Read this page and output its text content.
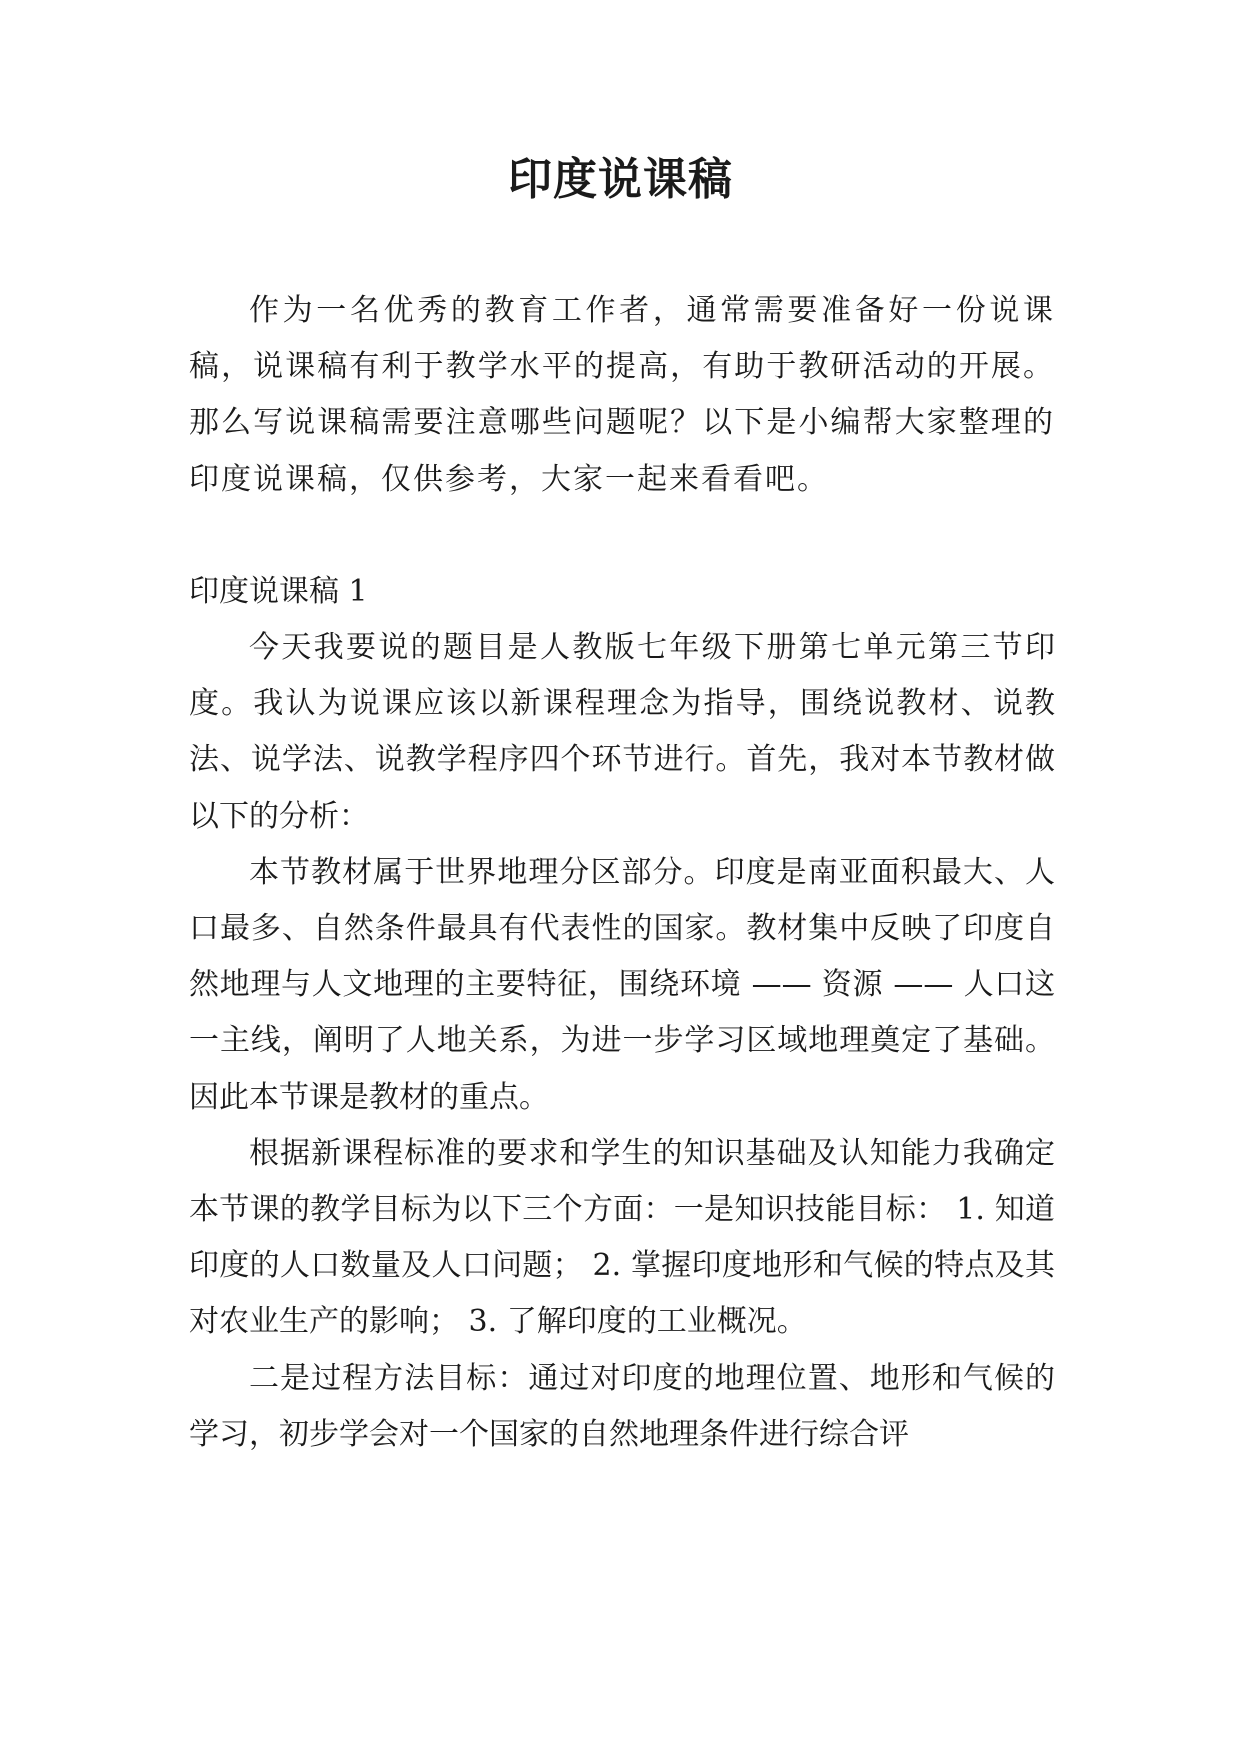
印度说课稿

作为一名优秀的教育工作者，通常需要准备好一份说课稿，说课稿有利于教学水平的提高，有助于教研活动的开展。那么写说课稿需要注意哪些问题呢？以下是小编帮大家整理的印度说课稿，仅供参考，大家一起来看看吧。

印度说课稿 1

今天我要说的题目是人教版七年级下册第七单元第三节印度。我认为说课应该以新课程理念为指导，围绕说教材、说教法、说学法、说教学程序四个环节进行。首先，我对本节教材做以下的分析：

本节教材属于世界地理分区部分。印度是南亚面积最大、人口最多、自然条件最具有代表性的国家。教材集中反映了印度自然地理与人文地理的主要特征，围绕环境 —— 资源 —— 人口这一主线，阐明了人地关系，为进一步学习区域地理奠定了基础。因此本节课是教材的重点。

根据新课程标准的要求和学生的知识基础及认知能力我确定本节课的教学目标为以下三个方面：一是知识技能目标： 1. 知道印度的人口数量及人口问题； 2. 掌握印度地形和气候的特点及其对农业生产的影响； 3. 了解印度的工业概况。

二是过程方法目标：通过对印度的地理位置、地形和气候的学习，初步学会对一个国家的自然地理条件进行综合评
